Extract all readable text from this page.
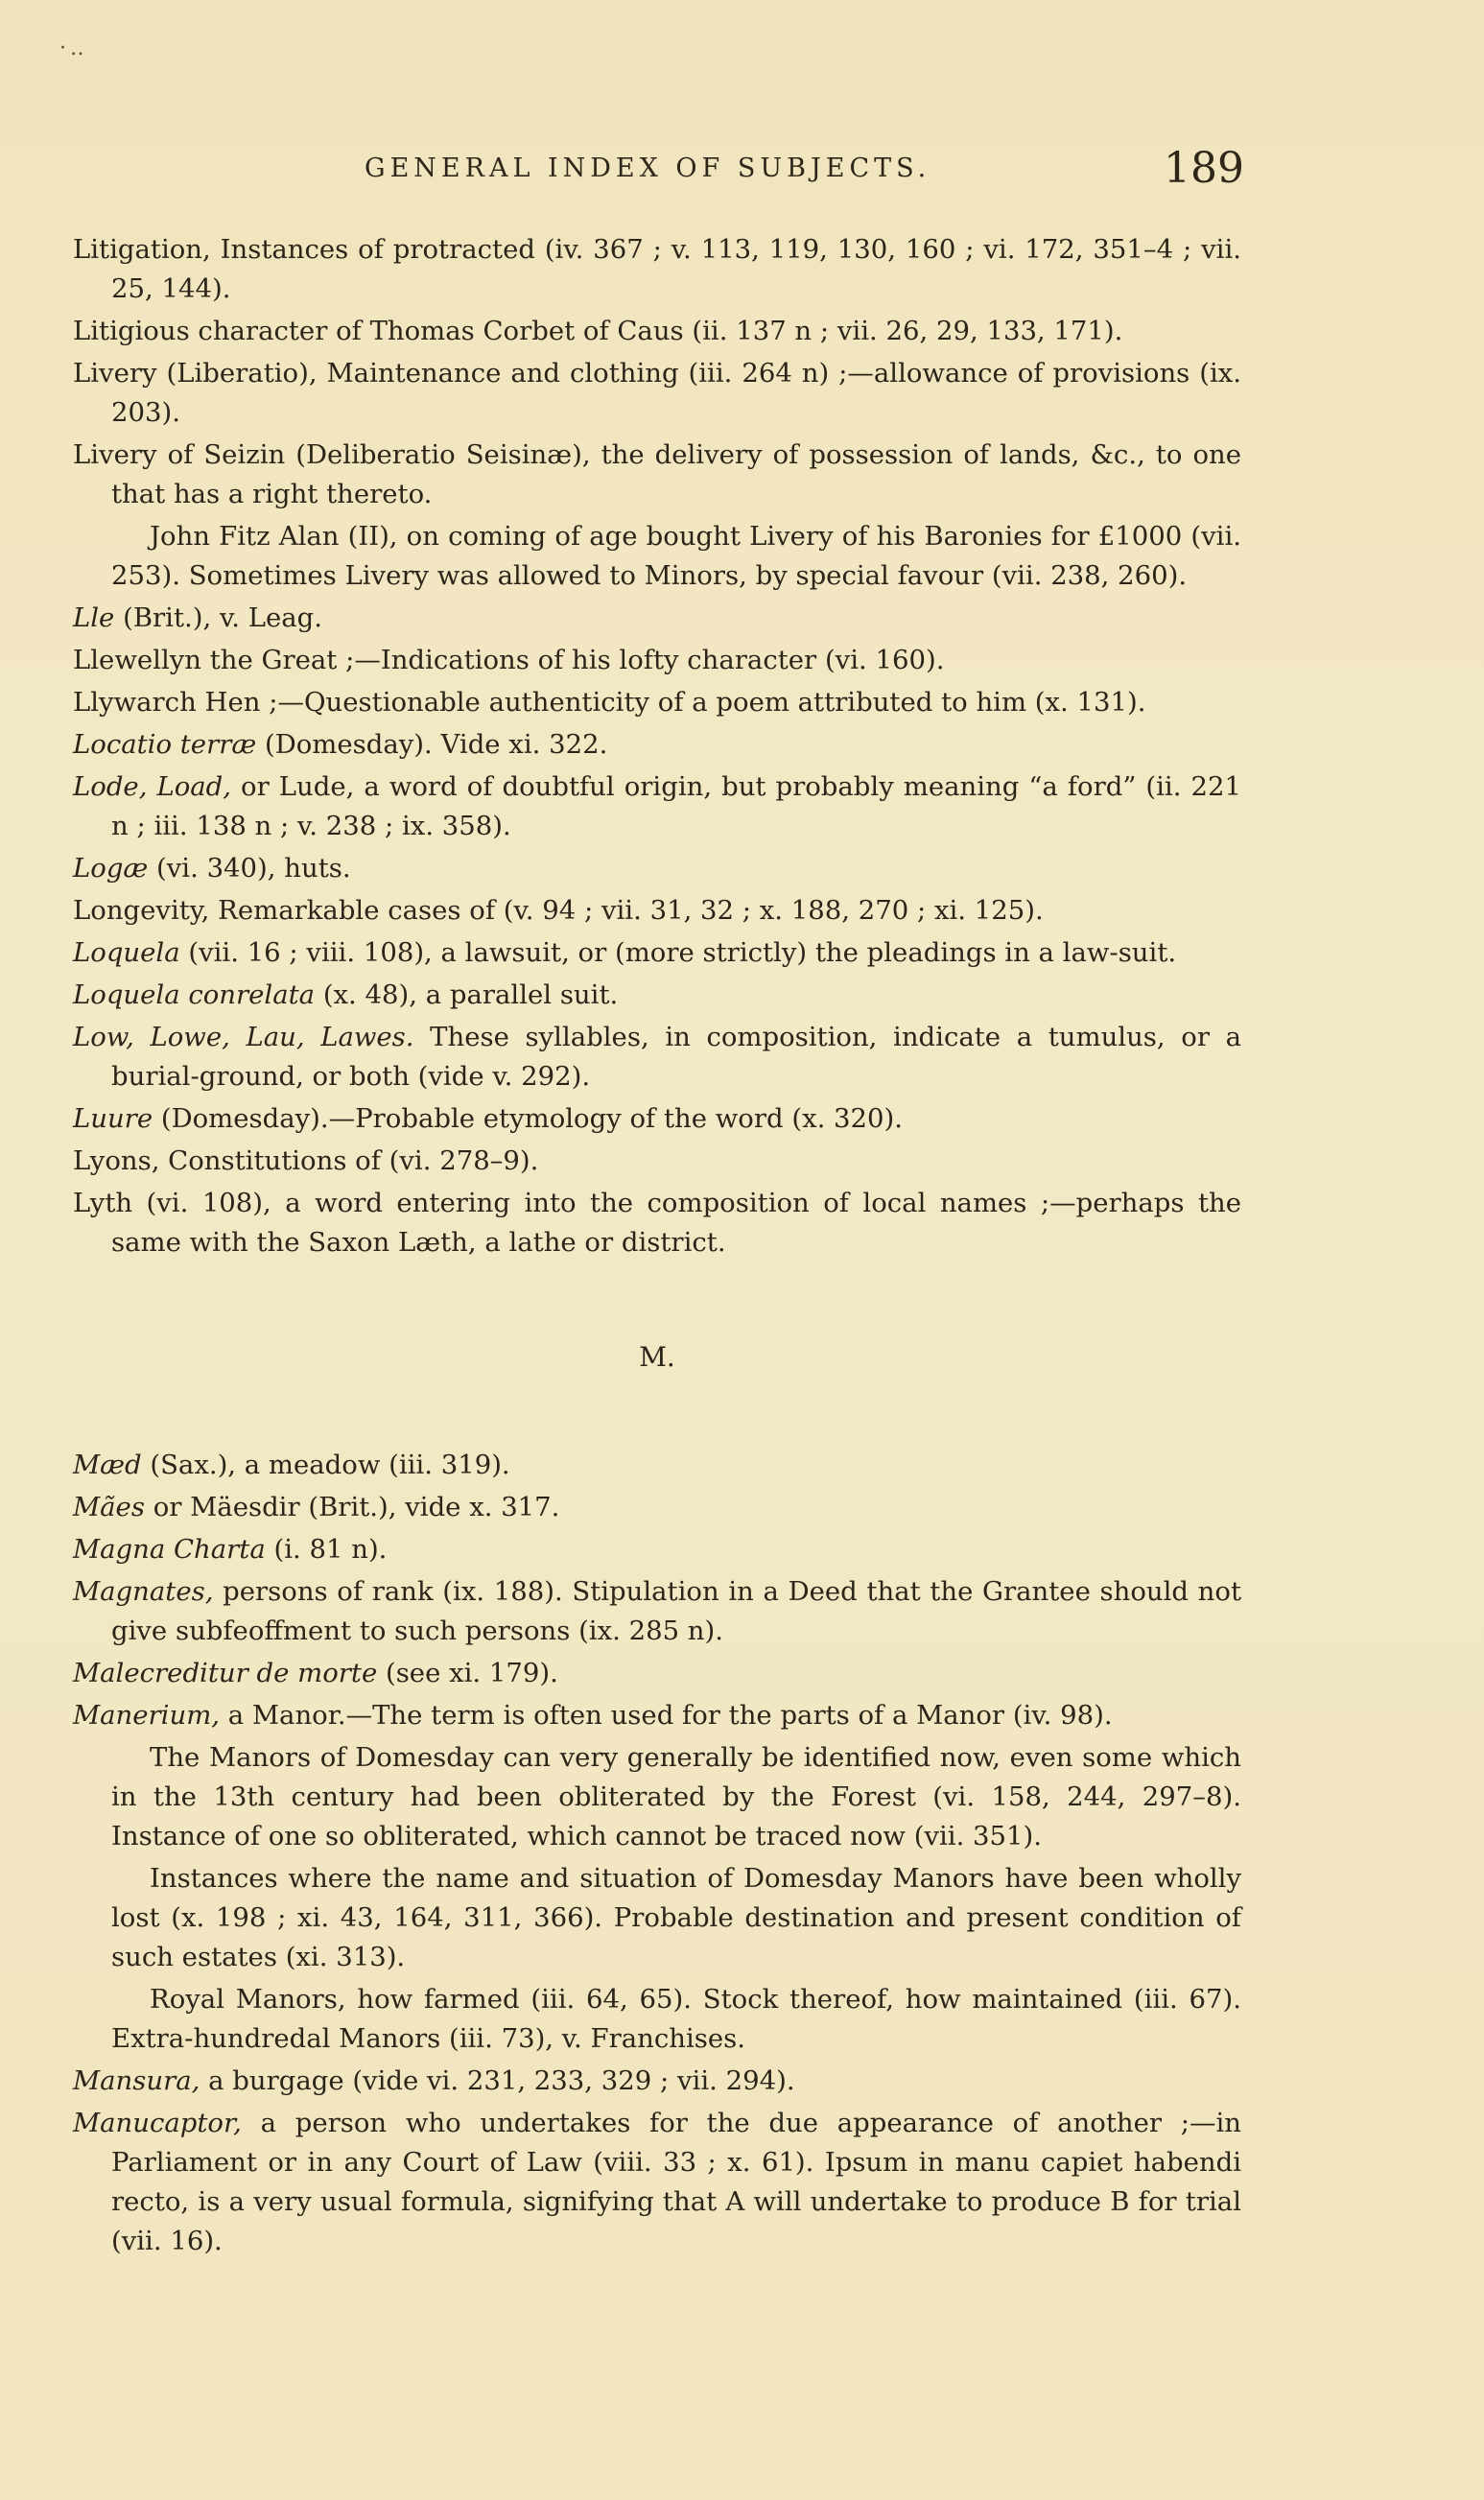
·‥
GENERAL INDEX OF SUBJECTS.	189

Litigation, Instances of protracted (iv. 367 ; v. 113, 119, 130, 160 ; vi. 172, 351–4 ; vii. 25, 144).

Litigious character of Thomas Corbet of Caus (ii. 137 n ; vii. 26, 29, 133, 171).

Livery (Liberatio), Maintenance and clothing (iii. 264 n) ;—allowance of provisions (ix. 203).

Livery of Seizin (Deliberatio Seisinæ), the delivery of possession of lands, &c., to one that has a right thereto.

John Fitz Alan (II), on coming of age bought Livery of his Baronies for £1000 (vii. 253). Sometimes Livery was allowed to Minors, by special favour (vii. 238, 260).

Lle (Brit.), v. Leag.

Llewellyn the Great ;—Indications of his lofty character (vi. 160).

Llywarch Hen ;—Questionable authenticity of a poem attributed to him (x. 131).

Locatio terræ (Domesday). Vide xi. 322.

Lode, Load, or Lude, a word of doubtful origin, but probably meaning “a ford” (ii. 221 n ; iii. 138 n ; v. 238 ; ix. 358).

Logæ (vi. 340), huts.

Longevity, Remarkable cases of (v. 94 ; vii. 31, 32 ; x. 188, 270 ; xi. 125).

Loquela (vii. 16 ; viii. 108), a lawsuit, or (more strictly) the pleadings in a law-suit.

Loquela conrelata (x. 48), a parallel suit.

Low, Lowe, Lau, Lawes. These syllables, in composition, indicate a tumulus, or a burial-ground, or both (vide v. 292).

Luure (Domesday).—Probable etymology of the word (x. 320).

Lyons, Constitutions of (vi. 278–9).

Lyth (vi. 108), a word entering into the composition of local names ;—perhaps the same with the Saxon Læth, a lathe or district.

M.

Mæd (Sax.), a meadow (iii. 319).

Mães or Mäesdir (Brit.), vide x. 317.

Magna Charta (i. 81 n).

Magnates, persons of rank (ix. 188). Stipulation in a Deed that the Grantee should not give subfeoffment to such persons (ix. 285 n).

Malecreditur de morte (see xi. 179).

Manerium, a Manor.—The term is often used for the parts of a Manor (iv. 98).

The Manors of Domesday can very generally be identified now, even some which in the 13th century had been obliterated by the Forest (vi. 158, 244, 297–8). Instance of one so obliterated, which cannot be traced now (vii. 351).

Instances where the name and situation of Domesday Manors have been wholly lost (x. 198 ; xi. 43, 164, 311, 366). Probable destination and present condition of such estates (xi. 313).

Royal Manors, how farmed (iii. 64, 65). Stock thereof, how maintained (iii. 67). Extra-hundredal Manors (iii. 73), v. Franchises.

Mansura, a burgage (vide vi. 231, 233, 329 ; vii. 294).

Manucaptor, a person who undertakes for the due appearance of another ;—in Parliament or in any Court of Law (viii. 33 ; x. 61). Ipsum in manu capiet habendi recto, is a very usual formula, signifying that A will undertake to produce B for trial (vii. 16).
